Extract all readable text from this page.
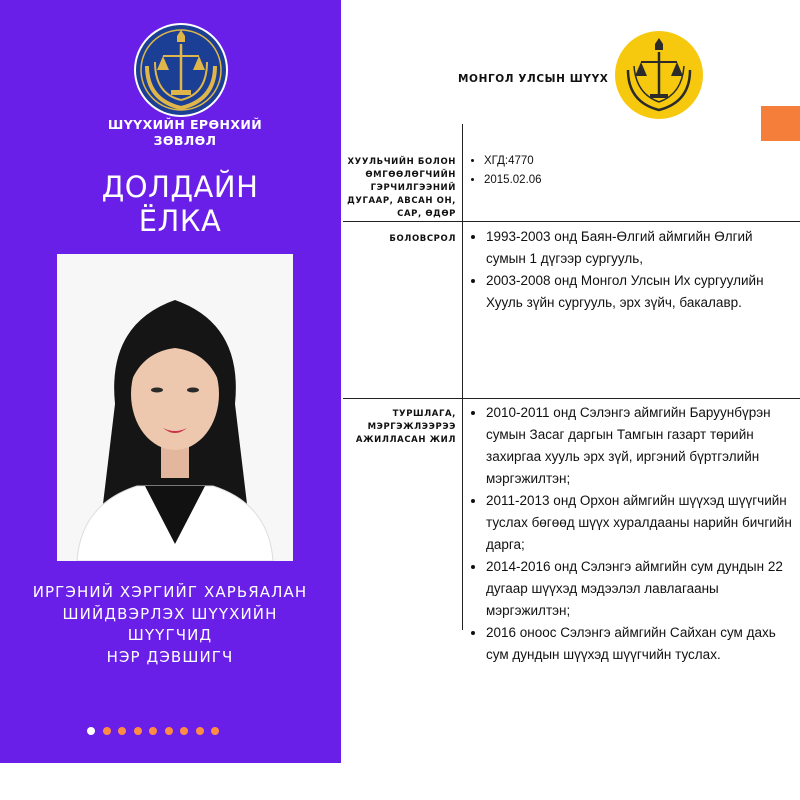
ШҮҮХИЙН ЕРӨНХИЙ
ЗӨВЛӨЛ
ДОЛДАЙН
ЁЛКА
ИРГЭНИЙ ХЭРГИЙГ ХАРЬЯАЛАН
ШИЙДВЭРЛЭХ ШҮҮХИЙН ШҮҮГЧИД
НЭР ДЭВШИГЧ
МОНГОЛ УЛСЫН ШҮҮХ
ХУУЛЬЧИЙН БОЛОН
ӨМГӨӨЛӨГЧИЙН
ГЭРЧИЛГЭЭНИЙ
ДУГААР, АВСАН ОН,
САР, ӨДӨР
ХГД:4770
2015.02.06
БОЛОВСРОЛ	1993-2003 онд Баян-Өлгий аймгийн Өлгий сумын 1 дүгээр сургууль,
2003-2008 онд Монгол Улсын Их сургуулийн Хууль зүйн сургууль, эрх зүйч, бакалавр.
ТУРШЛАГА,
МЭРГЭЖЛЭЭРЭЭ
АЖИЛЛАСАН ЖИЛ
2010-2011 онд Сэлэнгэ аймгийн Баруунбүрэн сумын Засаг даргын Тамгын газарт төрийн захиргаа хууль эрх зүй, иргэний бүртгэлийн мэргэжилтэн;
2011-2013 онд Орхон аймгийн шүүхэд шүүгчийн туслах бөгөөд шүүх хуралдааны нарийн бичгийн дарга;
2014-2016 онд Сэлэнгэ аймгийн сум дундын 22 дугаар шүүхэд мэдээлэл лавлагааны мэргэжилтэн;
2016 оноос Сэлэнгэ аймгийн Сайхан сум дахь сум дундын шүүхэд шүүгчийн туслах.
